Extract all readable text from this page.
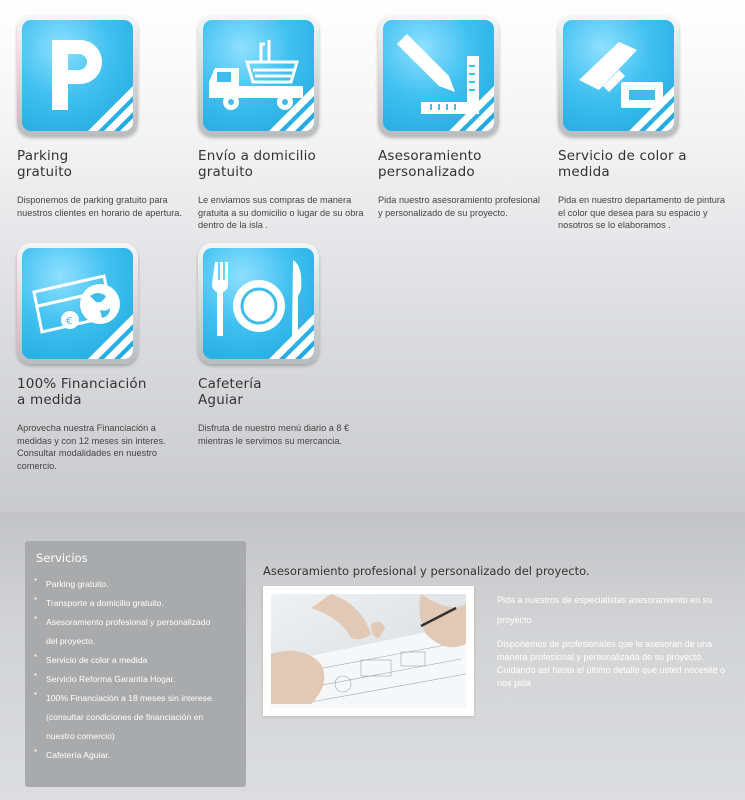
Parking
gratuito
Disponemos de parking gratuito para
nuestros clientes en horario de apertura.
Envío a domicilio
gratuito
Le enviamos sus compras de manera
gratuita a su domicilio o lugar de su obra
dentro de la isla .
Asesoramiento
personalizado
Pida nuestro asesoramiento profesional
y personalizado de su proyecto.
Servicio de color a medida
Pida en nuestro departamento de pintura
el color que desea para su espacio y
nosotros se lo elaboramos .
€
100% Financiación
a medida
Aprovecha nuestra Financiación a
medidas y con 12 meses sin interes.
Consultar modalidades en nuestro
comercio.
Cafetería
Aguiar
Disfruta de nuestro menú diario a 8 €
mientras le servimos su mercancia.
Servicios
* Parking gratuito.
* Transporte a domicilio gratuito.
* Asesoramiento profesional y personalizado
del proyecto.
* Servicio de color a medida
* Servicio Reforma Garantía Hogar.
* 100% Financiación a 18 meses sin interese.
(consultar condiciones de financiación en
nuestro comercio)
* Cafetería Aguiar.
Asesoramiento profesional y personalizado del proyecto.

Pida a nuestros de especialistas asesoramiento en su proyecto

Disponemos de profesionales que le asesoran de una manera profesional y personalizada de su proyecto. Cuidando así hasta el último detalle que usted necesite o nos pida
